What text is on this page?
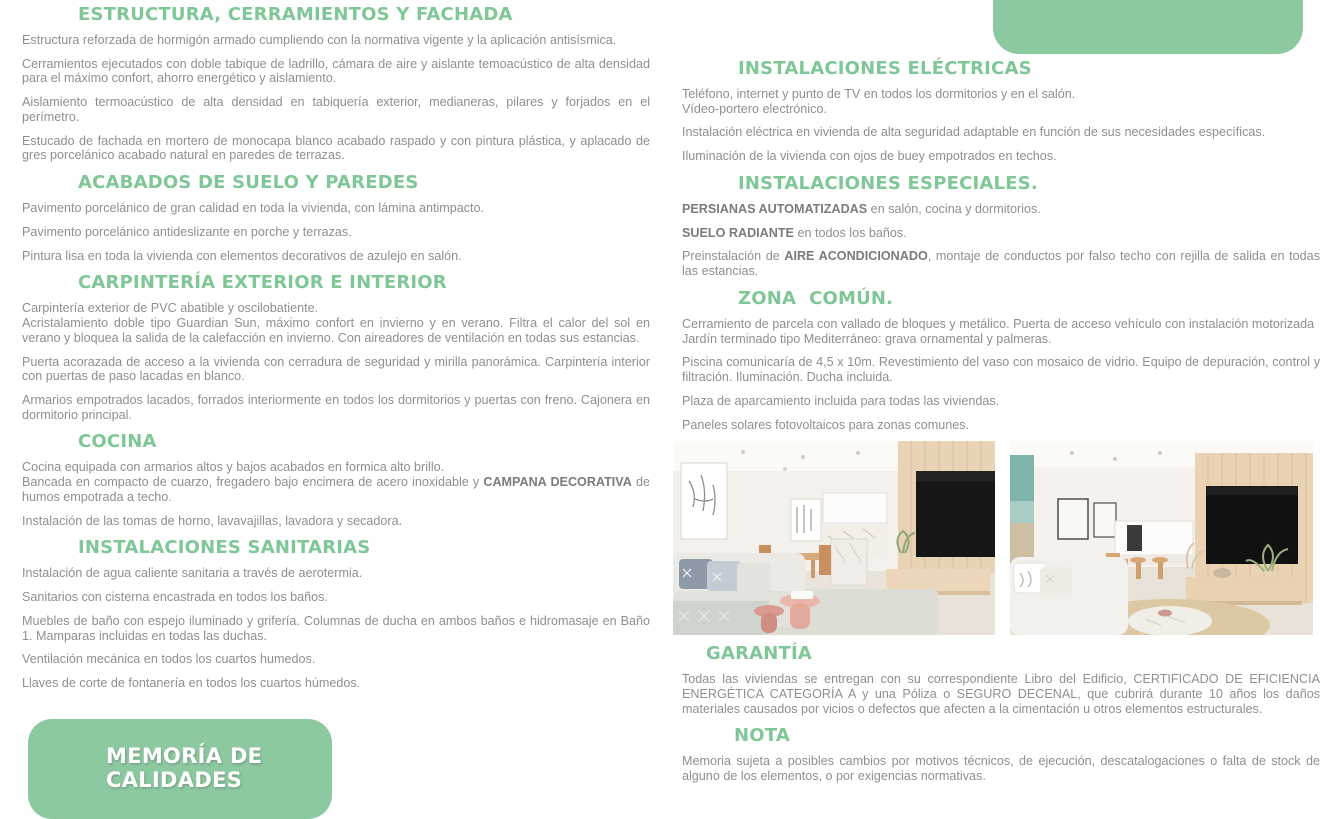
ESTRUCTURA, CERRAMIENTOS Y FACHADA

Estructura reforzada de hormigón armado cumpliendo con la normativa vigente y la aplicación antisísmica.

Cerramientos ejecutados con doble tabique de ladrillo, cámara de aire y aislante temoacústico de alta densidad para el máximo confort, ahorro energético y aislamiento.

Aislamiento termoacústico de alta densidad en tabiquería exterior, medianeras, pilares y forjados en el perímetro.

Estucado de fachada en mortero de monocapa blanco acabado raspado y con pintura plástica, y aplacado de gres porcelánico acabado natural en paredes de terrazas.

ACABADOS DE SUELO Y PAREDES

Pavimento porcelánico de gran calidad en toda la vivienda, con lámina antimpacto.

Pavimento porcelánico antideslizante en porche y terrazas.

Pintura lisa en toda la vivienda con elementos decorativos de azulejo en salón.

CARPINTERÍA EXTERIOR E INTERIOR

Carpintería exterior de PVC abatible y oscilobatiente.
Acristalamiento doble tipo Guardian Sun, máximo confort en invierno y en verano. Filtra el calor del sol en verano y bloquea la salida de la calefacción en invierno. Con aireadores de ventilación en todas sus estancias.

Puerta acorazada de acceso a la vivienda con cerradura de seguridad y mirilla panorámica. Carpintería interior con puertas de paso lacadas en blanco.

Armarios empotrados lacados, forrados interiormente en todos los dormitorios y puertas con freno. Cajonera en dormitorio principal.

COCINA

Cocina equipada con armarios altos y bajos acabados en formica alto brillo.
Bancada en compacto de cuarzo, fregadero bajo encimera de acero inoxidable y CAMPANA DECORATIVA de humos empotrada a techo.

Instalación de las tomas de horno, lavavajillas, lavadora y secadora.

INSTALACIONES SANITARIAS

Instalación de agua caliente sanitaria a través de aerotermia.

Sanitarios con cisterna encastrada en todos los baños.

Muebles de baño con espejo iluminado y grifería. Columnas de ducha en ambos baños e hidromasaje en Baño 1. Mamparas incluidas en todas las duchas.

Ventilación mecánica en todos los cuartos humedos.

Llaves de corte de fontanería en todos los cuartos húmedos.

INSTALACIONES ELÉCTRICAS

Teléfono, internet y punto de TV en todos los dormitorios y en el salón.
Vídeo-portero electrónico.

Instalación eléctrica en vivienda de alta seguridad adaptable en función de sus necesidades específicas.

Iluminación de la vivienda con ojos de buey empotrados en techos.

INSTALACIONES ESPECIALES.

PERSIANAS AUTOMATIZADAS en salón, cocina y dormitorios.

SUELO RADIANTE en todos los baños.

Preinstalación de AIRE ACONDICIONADO, montaje de conductos por falso techo con rejilla de salida en todas las estancias.

ZONA  COMÚN.

Cerramiento de parcela con vallado de bloques y metálico. Puerta de acceso vehículo con instalación motorizada
Jardín terminado tipo Mediterráneo: grava ornamental y palmeras.

Piscina comunicaría de 4,5 x 10m. Revestimiento del vaso con mosaico de vidrio. Equipo de depuración, control y filtración. Iluminación. Ducha incluida.

Plaza de aparcamiento incluida para todas las viviendas.

Paneles solares fotovoltaicos para zonas comunes.

GARANTÍA

Todas las viviendas se entregan con su correspondiente Libro del Edificio, CERTIFICADO DE EFICIENCIA ENERGÉTICA CATEGORÍA A y una Póliza o SEGURO DECENAL, que cubrirá durante 10 años los daños materiales causados por vicios o defectos que afecten a la cimentación u otros elementos estructurales.

NOTA

Memoria sujeta a posibles cambios por motivos técnicos, de ejecución, descatalogaciones o falta de stock de alguno de los elementos, o por exigencias normativas.

MEMORÍA DE
CALIDADES
